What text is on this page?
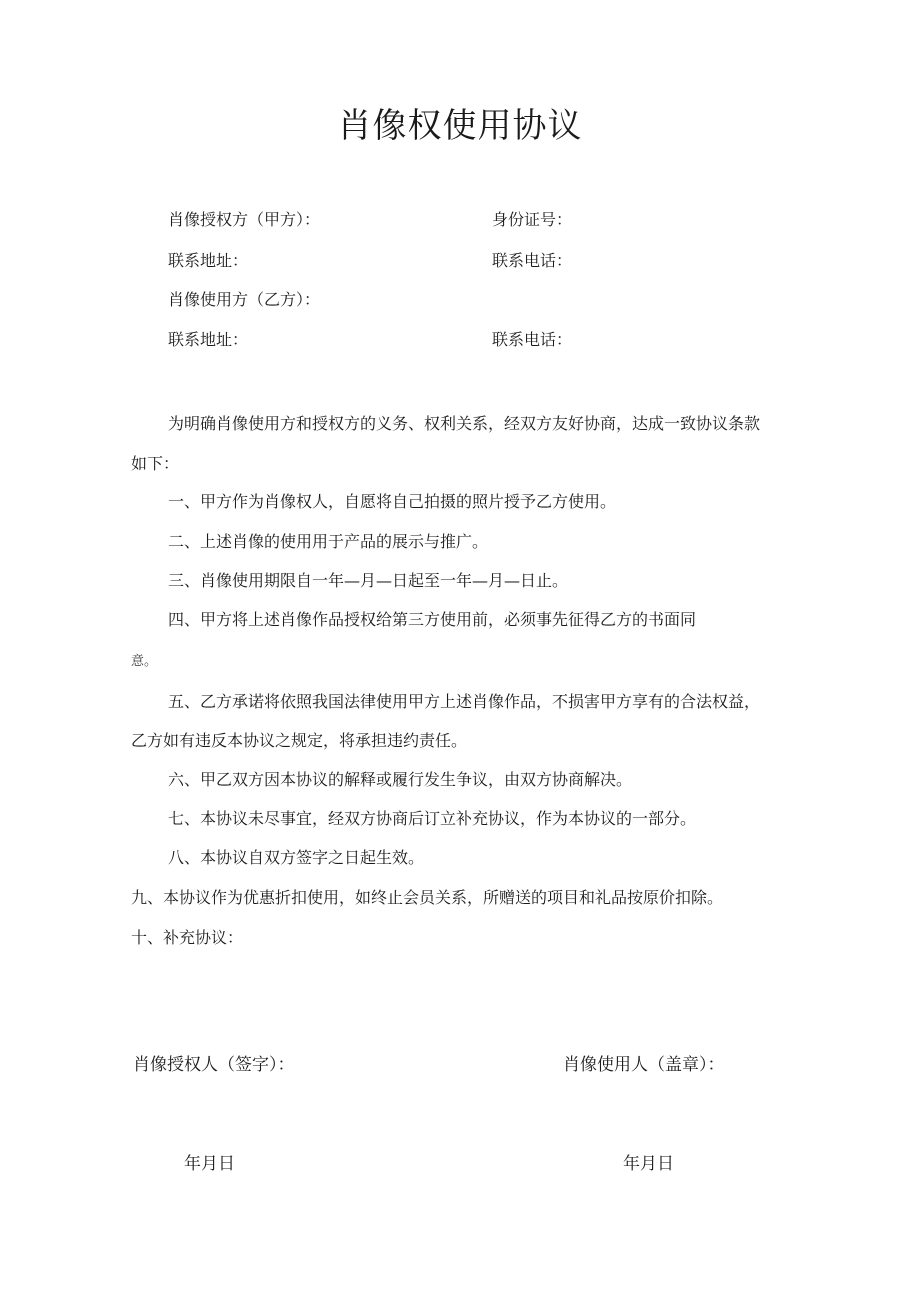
肖像权使用协议
肖像授权方（甲方）：	身份证号：
联系地址：	联系电话：
肖像使用方（乙方）：
联系地址：	联系电话：
为明确肖像使用方和授权方的义务、权利关系，经双方友好协商，达成一致协议条款
如下：
一、甲方作为肖像权人，自愿将自己拍摄的照片授予乙方使用。
二、上述肖像的使用用于产品的展示与推广。
三、肖像使用期限自一年—月—日起至一年—月—日止。
四、甲方将上述肖像作品授权给第三方使用前，必须事先征得乙方的书面同
意。
五、乙方承诺将依照我国法律使用甲方上述肖像作品，不损害甲方享有的合法权益，
乙方如有违反本协议之规定，将承担违约责任。
六、甲乙双方因本协议的解释或履行发生争议，由双方协商解决。
七、本协议未尽事宜，经双方协商后订立补充协议，作为本协议的一部分。
八、本协议自双方签字之日起生效。
九、本协议作为优惠折扣使用，如终止会员关系，所赠送的项目和礼品按原价扣除。
十、补充协议：
肖像授权人（签字）：	肖像使用人（盖章）：
年月日	年月日
